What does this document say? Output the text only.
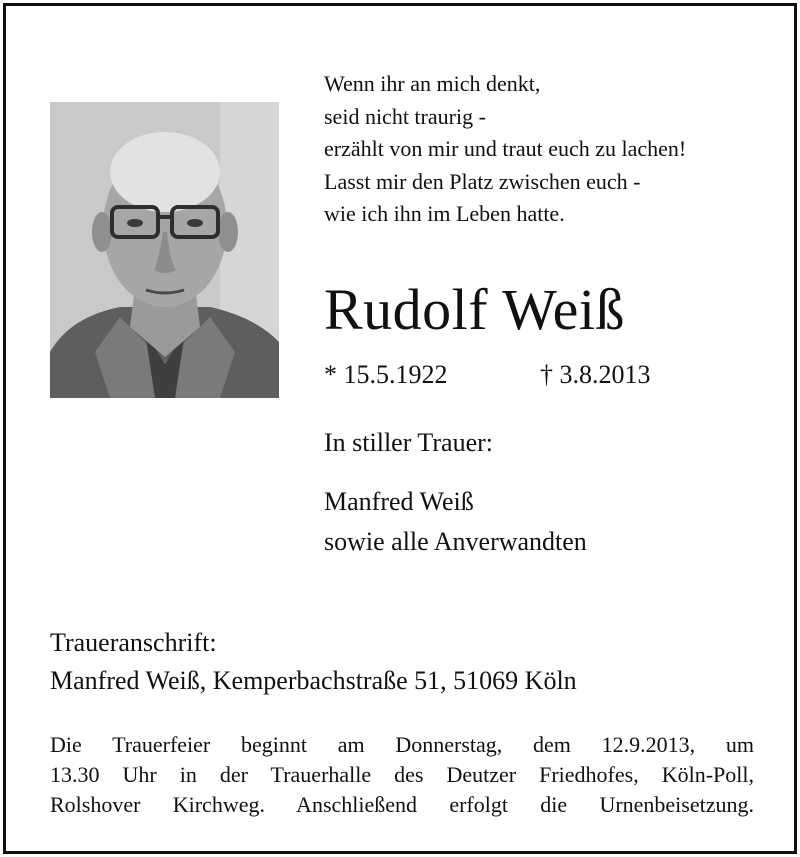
Wenn ihr an mich denkt,
seid nicht traurig -
erzählt von mir und traut euch zu lachen!
Lasst mir den Platz zwischen euch -
wie ich ihn im Leben hatte.
Rudolf Weiß
* 15.5.1922	† 3.8.2013
In stiller Trauer:
Manfred Weiß
sowie alle Anverwandten
Traueranschrift:
Manfred Weiß, Kemperbachstraße 51, 51069 Köln
Die Trauerfeier beginnt am Donnerstag, dem 12.9.2013, um
13.30 Uhr in der Trauerhalle des Deutzer Friedhofes, Köln-Poll,
Rolshover Kirchweg. Anschließend erfolgt die Urnenbeisetzung.
